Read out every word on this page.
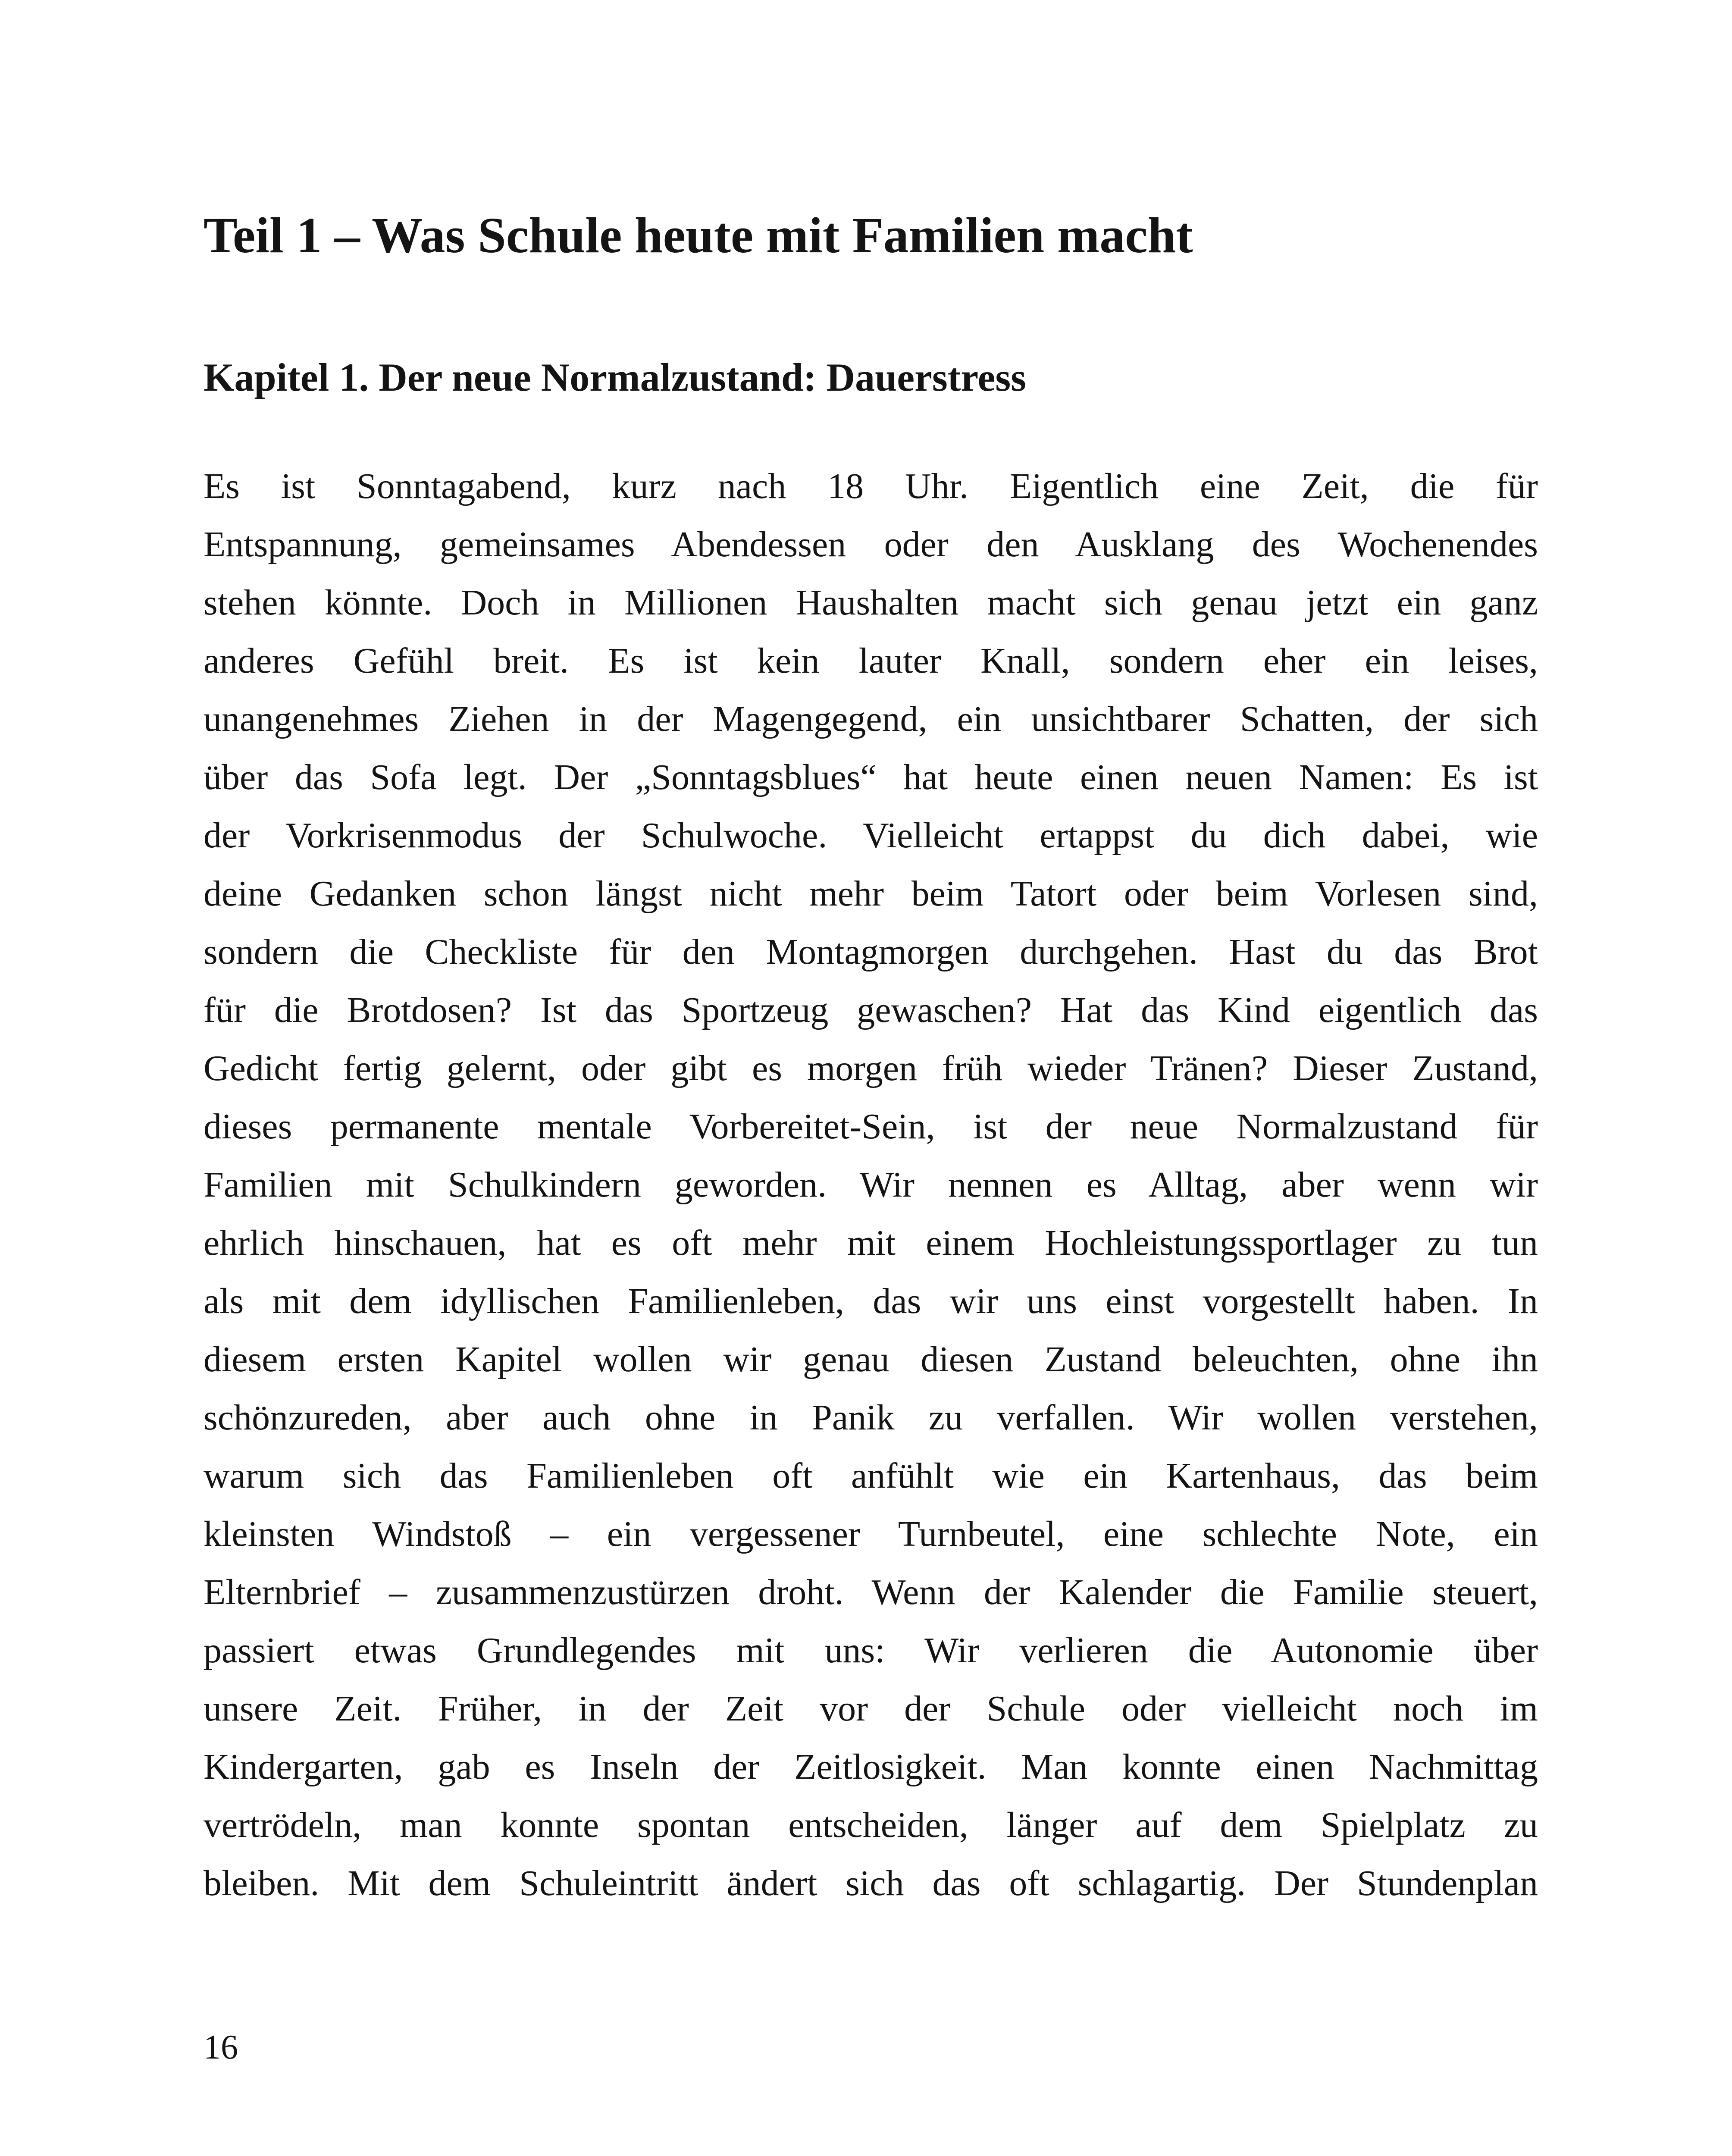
Teil 1 – Was Schule heute mit Familien macht
Kapitel 1. Der neue Normalzustand: Dauerstress
Es ist Sonntagabend, kurz nach 18 Uhr. Eigentlich eine Zeit, die für
Entspannung, gemeinsames Abendessen oder den Ausklang des Wochenendes
stehen könnte. Doch in Millionen Haushalten macht sich genau jetzt ein ganz
anderes Gefühl breit. Es ist kein lauter Knall, sondern eher ein leises,
unangenehmes Ziehen in der Magengegend, ein unsichtbarer Schatten, der sich
über das Sofa legt. Der „Sonntagsblues“ hat heute einen neuen Namen: Es ist
der Vorkrisenmodus der Schulwoche. Vielleicht ertappst du dich dabei, wie
deine Gedanken schon längst nicht mehr beim Tatort oder beim Vorlesen sind,
sondern die Checkliste für den Montagmorgen durchgehen. Hast du das Brot
für die Brotdosen? Ist das Sportzeug gewaschen? Hat das Kind eigentlich das
Gedicht fertig gelernt, oder gibt es morgen früh wieder Tränen? Dieser Zustand,
dieses permanente mentale Vorbereitet-Sein, ist der neue Normalzustand für
Familien mit Schulkindern geworden. Wir nennen es Alltag, aber wenn wir
ehrlich hinschauen, hat es oft mehr mit einem Hochleistungssportlager zu tun
als mit dem idyllischen Familienleben, das wir uns einst vorgestellt haben. In
diesem ersten Kapitel wollen wir genau diesen Zustand beleuchten, ohne ihn
schönzureden, aber auch ohne in Panik zu verfallen. Wir wollen verstehen,
warum sich das Familienleben oft anfühlt wie ein Kartenhaus, das beim
kleinsten Windstoß – ein vergessener Turnbeutel, eine schlechte Note, ein
Elternbrief – zusammenzustürzen droht. Wenn der Kalender die Familie steuert,
passiert etwas Grundlegendes mit uns: Wir verlieren die Autonomie über
unsere Zeit. Früher, in der Zeit vor der Schule oder vielleicht noch im
Kindergarten, gab es Inseln der Zeitlosigkeit. Man konnte einen Nachmittag
vertrödeln, man konnte spontan entscheiden, länger auf dem Spielplatz zu
bleiben. Mit dem Schuleintritt ändert sich das oft schlagartig. Der Stundenplan
16
